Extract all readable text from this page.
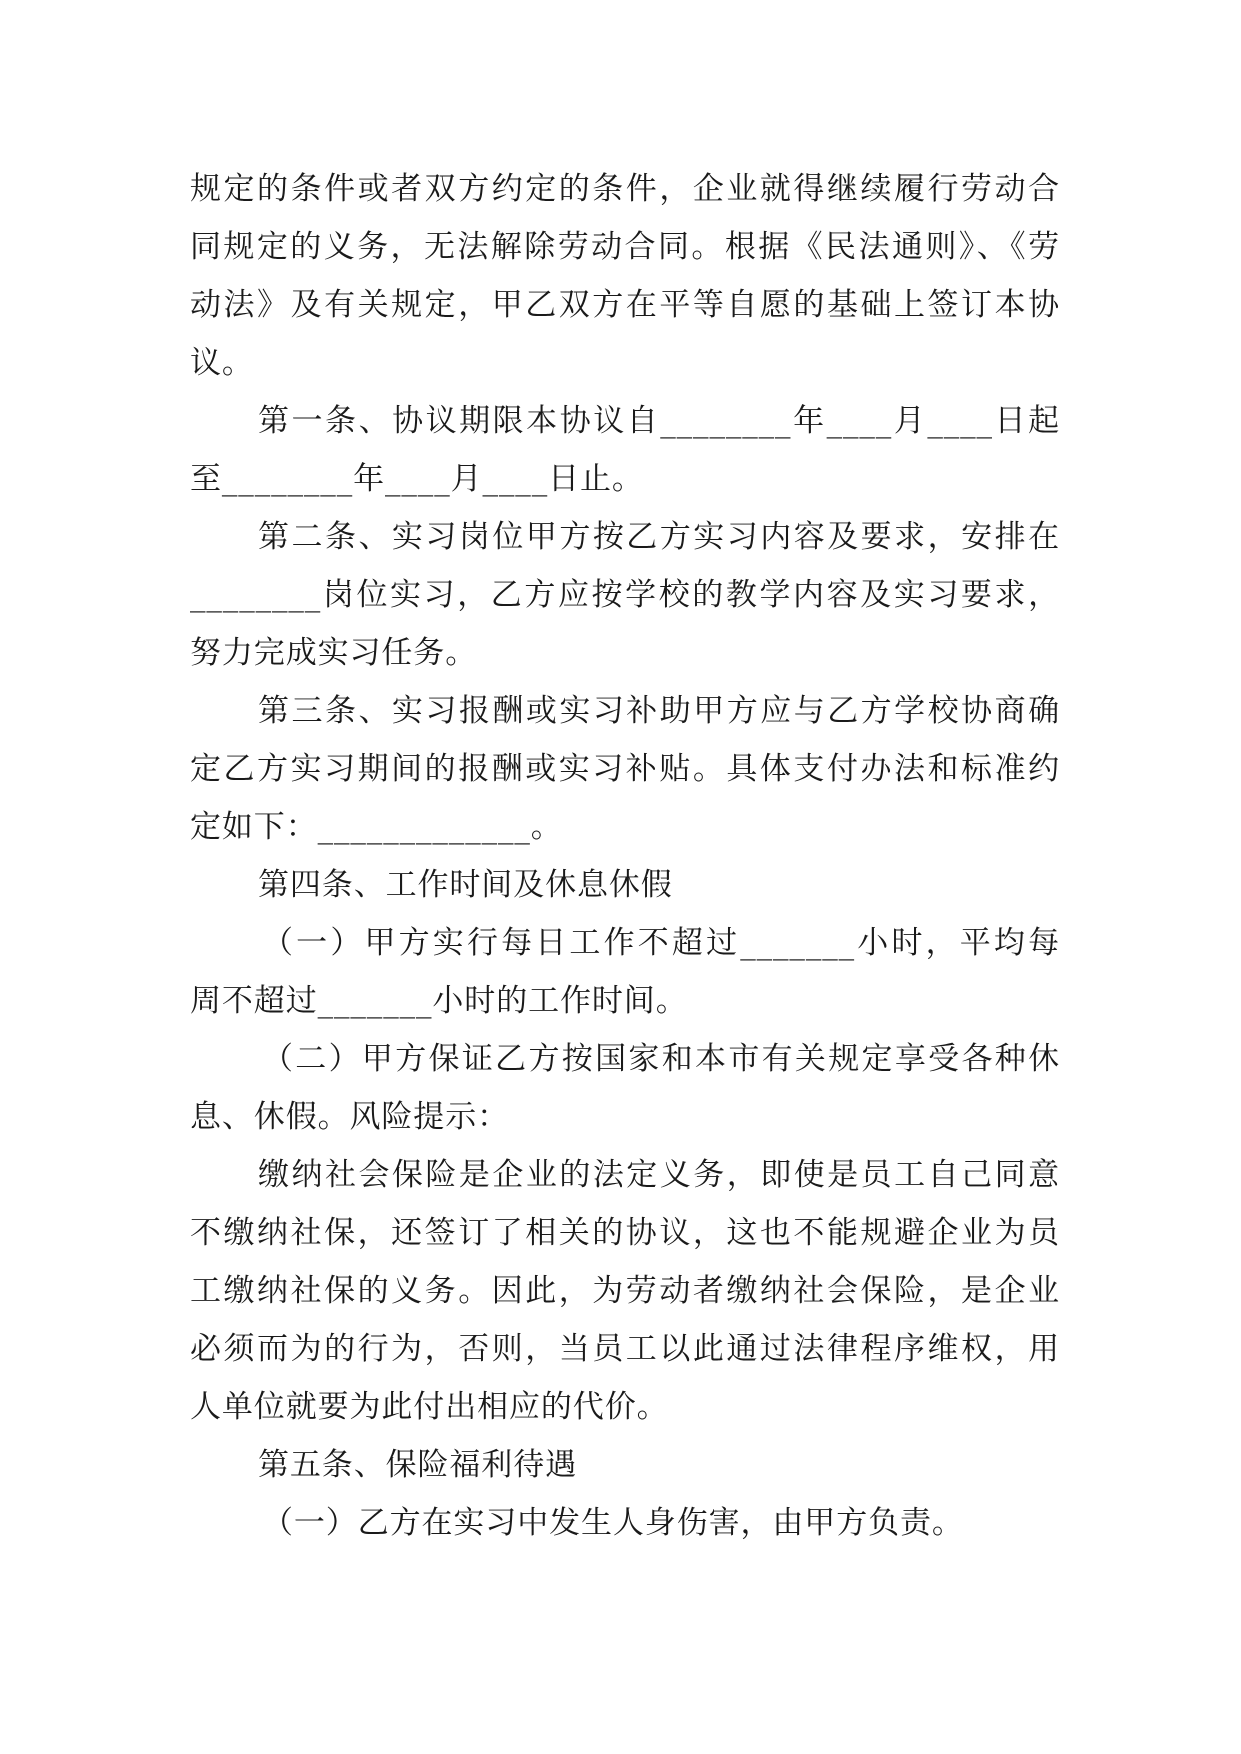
规定的条件或者双方约定的条件，企业就得继续履行劳动合
同规定的义务，无法解除劳动合同。根据《民法通则》、《劳
动法》及有关规定，甲乙双方在平等自愿的基础上签订本协
议。
第一条、协议期限本协议自________年____月____日起
至________年____月____日止。
第二条、实习岗位甲方按乙方实习内容及要求，安排在
________岗位实习，乙方应按学校的教学内容及实习要求，
努力完成实习任务。
第三条、实习报酬或实习补助甲方应与乙方学校协商确
定乙方实习期间的报酬或实习补贴。具体支付办法和标准约
定如下：_____________。
第四条、工作时间及休息休假
（一）甲方实行每日工作不超过_______小时，平均每
周不超过_______小时的工作时间。
（二）甲方保证乙方按国家和本市有关规定享受各种休
息、休假。风险提示：
缴纳社会保险是企业的法定义务，即使是员工自己同意
不缴纳社保，还签订了相关的协议，这也不能规避企业为员
工缴纳社保的义务。因此，为劳动者缴纳社会保险，是企业
必须而为的行为，否则，当员工以此通过法律程序维权，用
人单位就要为此付出相应的代价。
第五条、保险福利待遇
（一）乙方在实习中发生人身伤害，由甲方负责。
